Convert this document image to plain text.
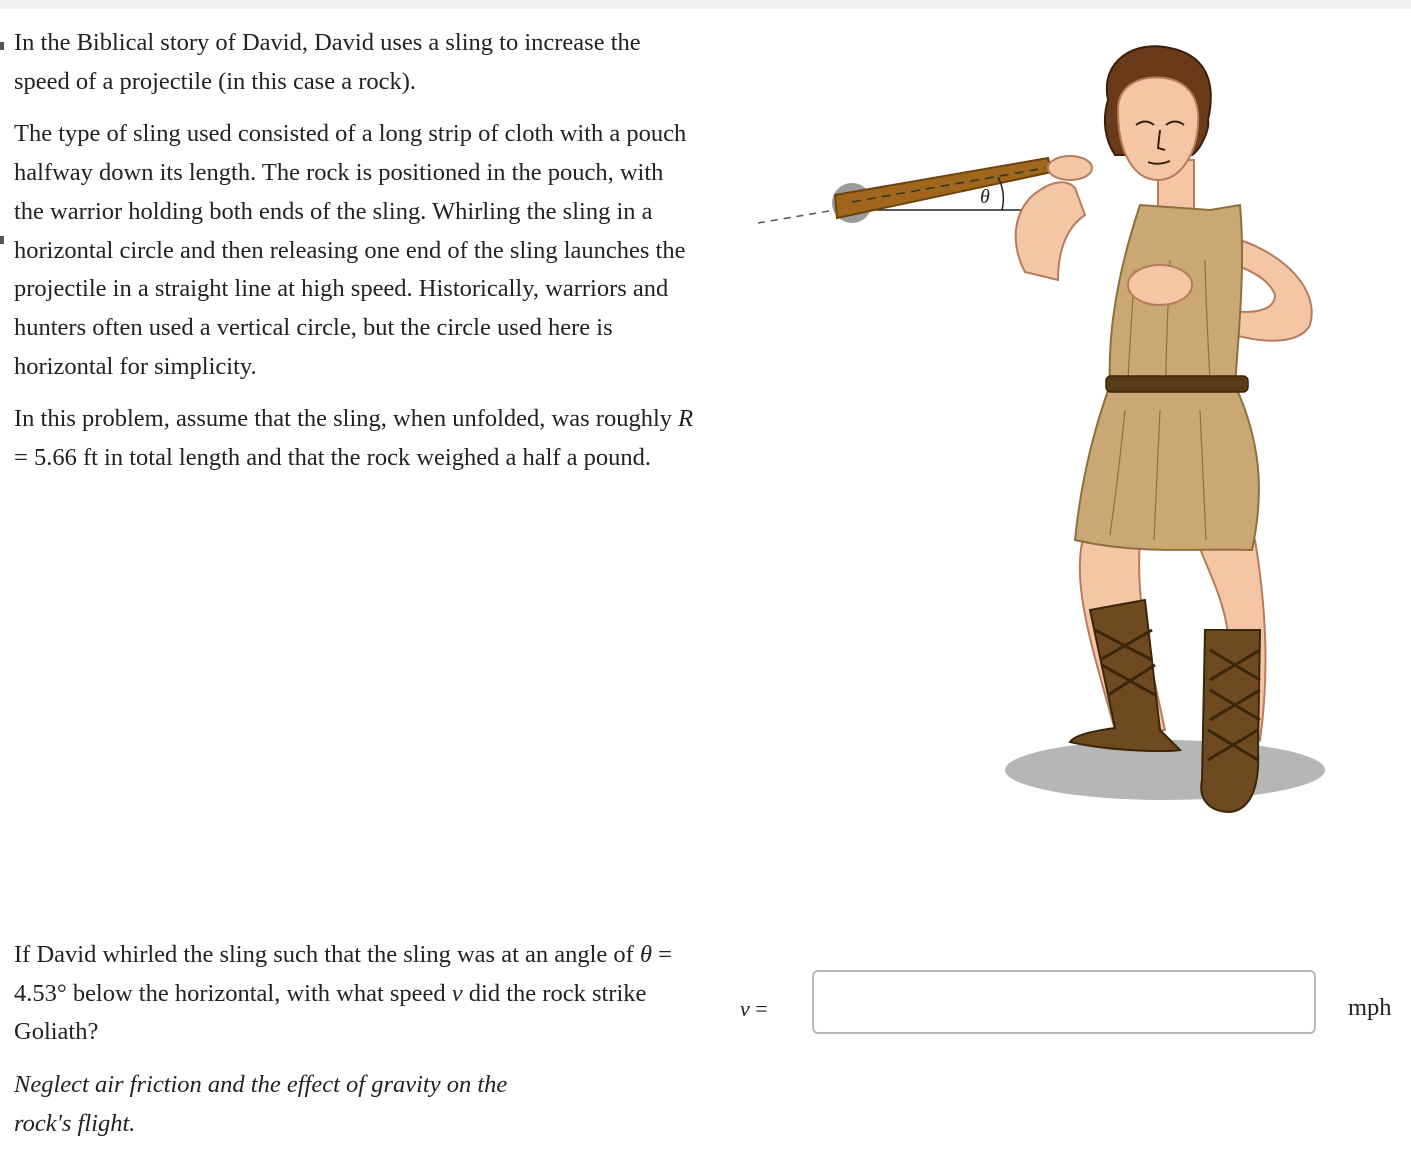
In the Biblical story of David, David uses a sling to increase the speed of a projectile (in this case a rock).

The type of sling used consisted of a long strip of cloth with a pouch halfway down its length. The rock is positioned in the pouch, with the warrior holding both ends of the sling. Whirling the sling in a horizontal circle and then releasing one end of the sling launches the projectile in a straight line at high speed. Historically, warriors and hunters often used a vertical circle, but the circle used here is horizontal for simplicity.

In this problem, assume that the sling, when unfolded, was roughly R = 5.66 ft in total length and that the rock weighed a half a pound.

θ

If David whirled the sling such that the sling was at an angle of θ = 4.53° below the horizontal, with what speed v did the rock strike Goliath?

Neglect air friction and the effect of gravity on the rock's flight.

v =	mph
